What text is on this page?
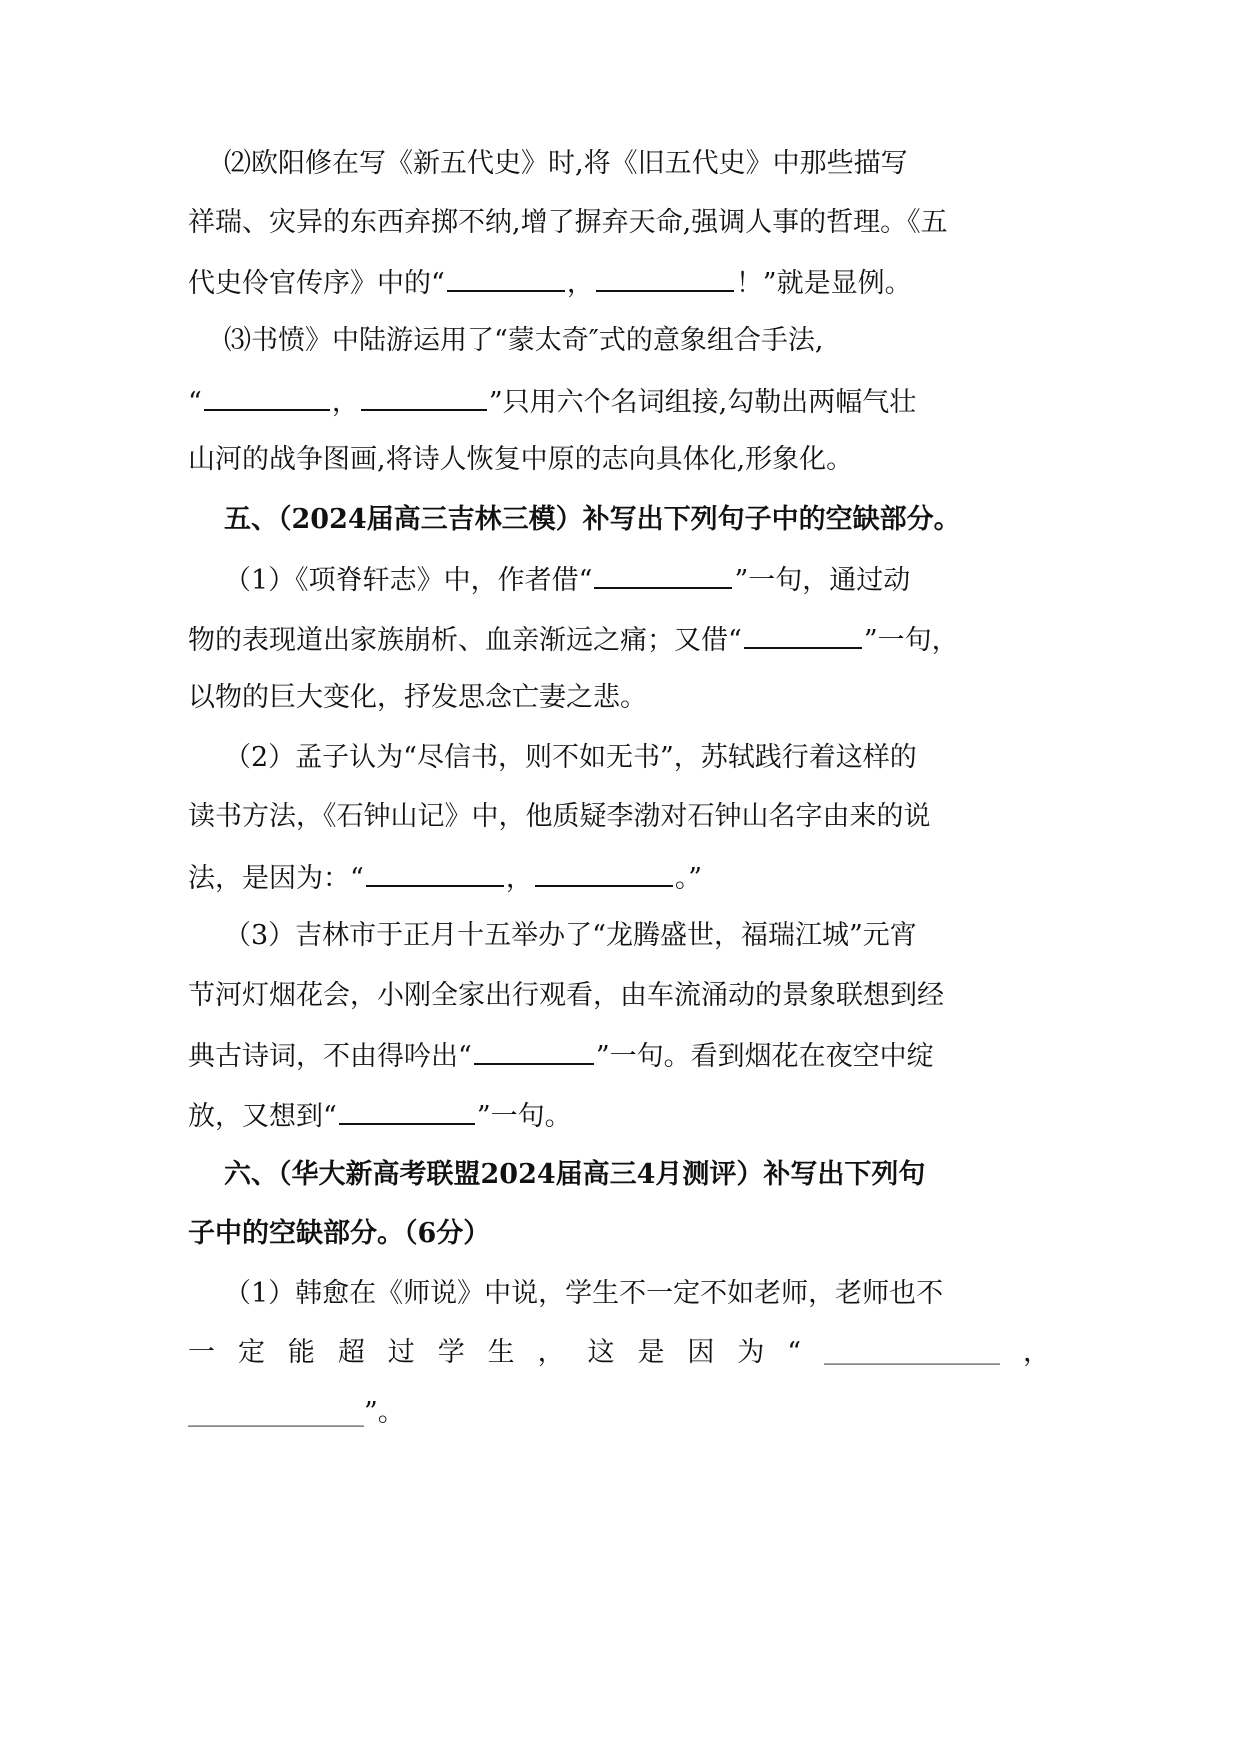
⑵欧阳修在写《新五代史》时,将《旧五代史》中那些描写
祥瑞、灾异的东西弃掷不纳,增了摒弃天命,强调人事的哲理。《五
代史伶官传序》中的“	，	！”就是显例。
⑶书愤》中陆游运用了“蒙太奇″式的意象组合手法,
“	，	”只用六个名词组接,勾勒出两幅气壮
山河的战争图画,将诗人恢复中原的志向具体化,形象化。
五、（2024届高三吉林三模）补写出下列句子中的空缺部分。
（1）《项脊轩志》中，作者借“	”一句，通过动
物的表现道出家族崩析、血亲渐远之痛；又借“	”一句，
以物的巨大变化，抒发思念亡妻之悲。
（2）孟子认为“尽信书，则不如无书”，苏轼践行着这样的
读书方法，《石钟山记》中，他质疑李渤对石钟山名字由来的说
法，是因为：“	，	。”
（3）吉林市于正月十五举办了“龙腾盛世，福瑞江城”元宵
节河灯烟花会，小刚全家出行观看，由车流涌动的景象联想到经
典古诗词，不由得吟出“	”一句。看到烟花在夜空中绽
放，又想到“	”一句。
六、（华大新高考联盟2024届高三4月测评）补写出下列句
子中的空缺部分。（6分）
（1）韩愈在《师说》中说，学生不一定不如老师，老师也不
一 定 能 超 过 学 生 ， 这 是 因 为 “ ________________ ，
________________”。
